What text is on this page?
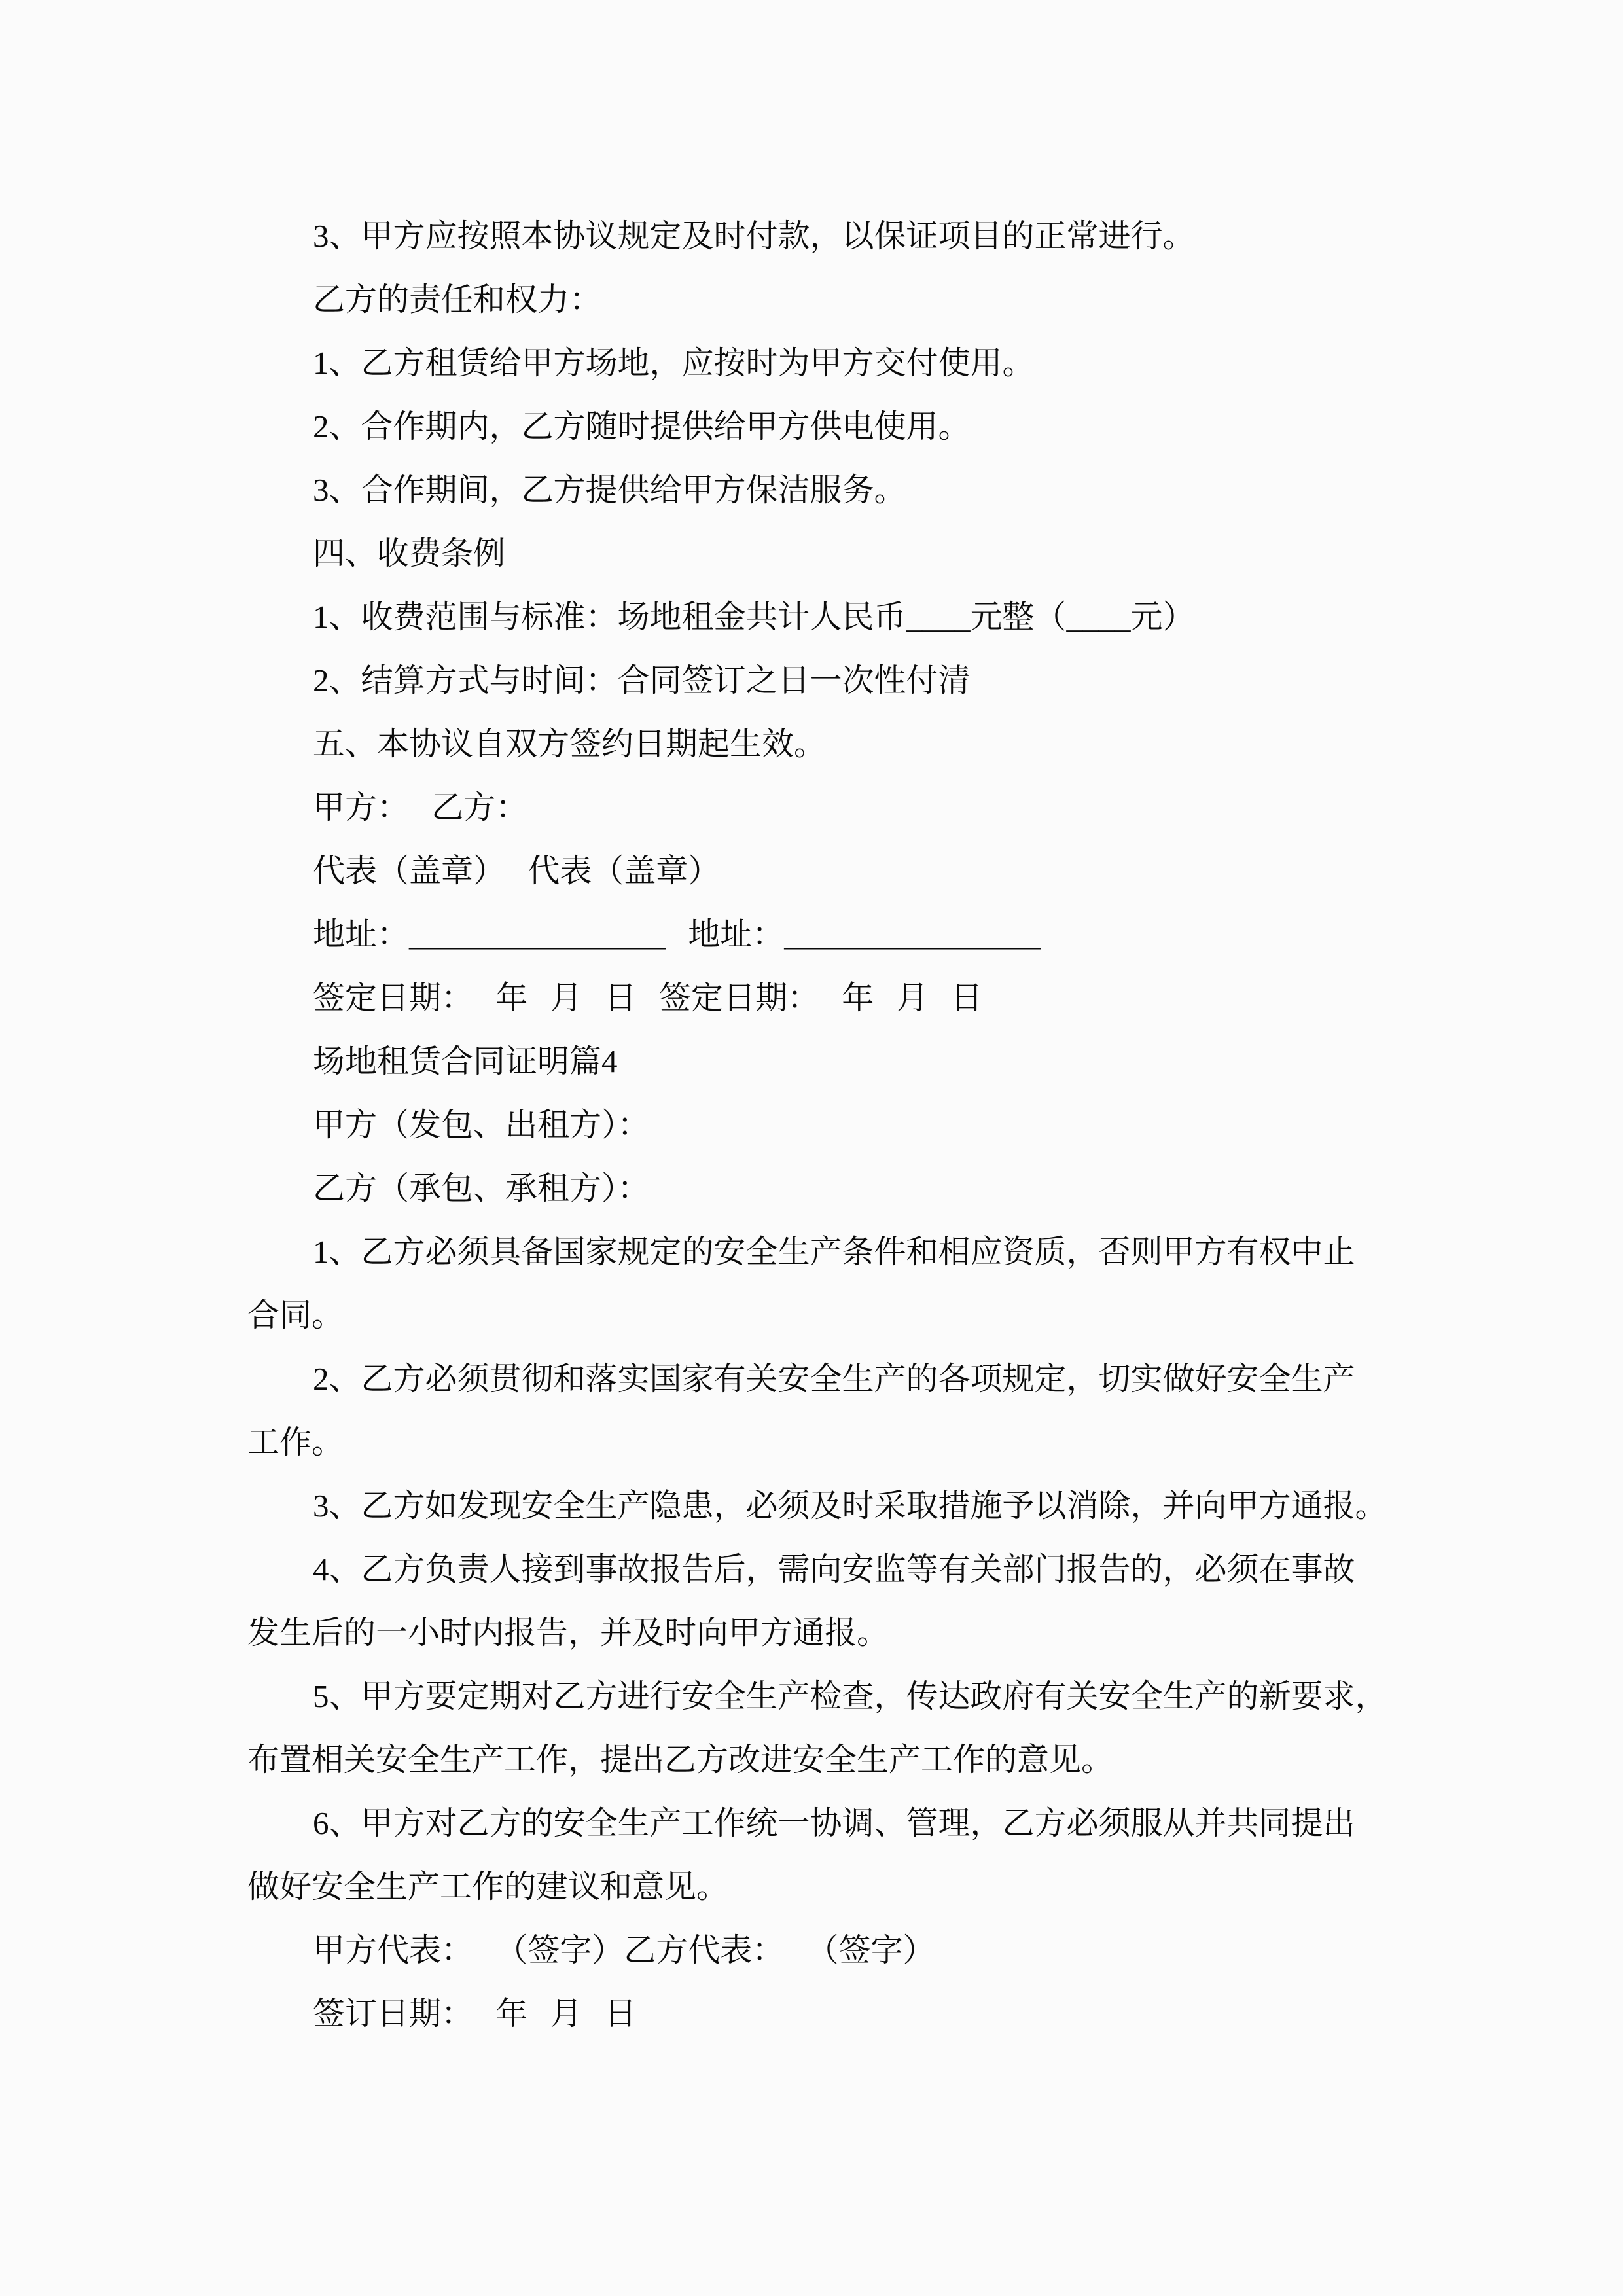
3、甲方应按照本协议规定及时付款，以保证项目的正常进行。

乙方的责任和权力：

1、乙方租赁给甲方场地，应按时为甲方交付使用。

2、合作期内，乙方随时提供给甲方供电使用。

3、合作期间，乙方提供给甲方保洁服务。

四、收费条例

1、收费范围与标准：场地租金共计人民币____元整（____元）

2、结算方式与时间：合同签订之日一次性付清

五、本协议自双方签约日期起生效。

甲方： 乙方：

代表（盖章） 代表（盖章）

地址：________________ 地址：________________

签定日期： 年 月 日 签定日期： 年 月 日

场地租赁合同证明篇4

甲方（发包、出租方）：

乙方（承包、承租方）：

1、乙方必须具备国家规定的安全生产条件和相应资质，否则甲方有权中止

合同。

2、乙方必须贯彻和落实国家有关安全生产的各项规定，切实做好安全生产

工作。

3、乙方如发现安全生产隐患，必须及时采取措施予以消除，并向甲方通报。

4、乙方负责人接到事故报告后，需向安监等有关部门报告的，必须在事故

发生后的一小时内报告，并及时向甲方通报。

5、甲方要定期对乙方进行安全生产检查，传达政府有关安全生产的新要求，

布置相关安全生产工作，提出乙方改进安全生产工作的意见。

6、甲方对乙方的安全生产工作统一协调、管理，乙方必须服从并共同提出

做好安全生产工作的建议和意见。

甲方代表： （签字）乙方代表： （签字）

签订日期： 年 月 日
